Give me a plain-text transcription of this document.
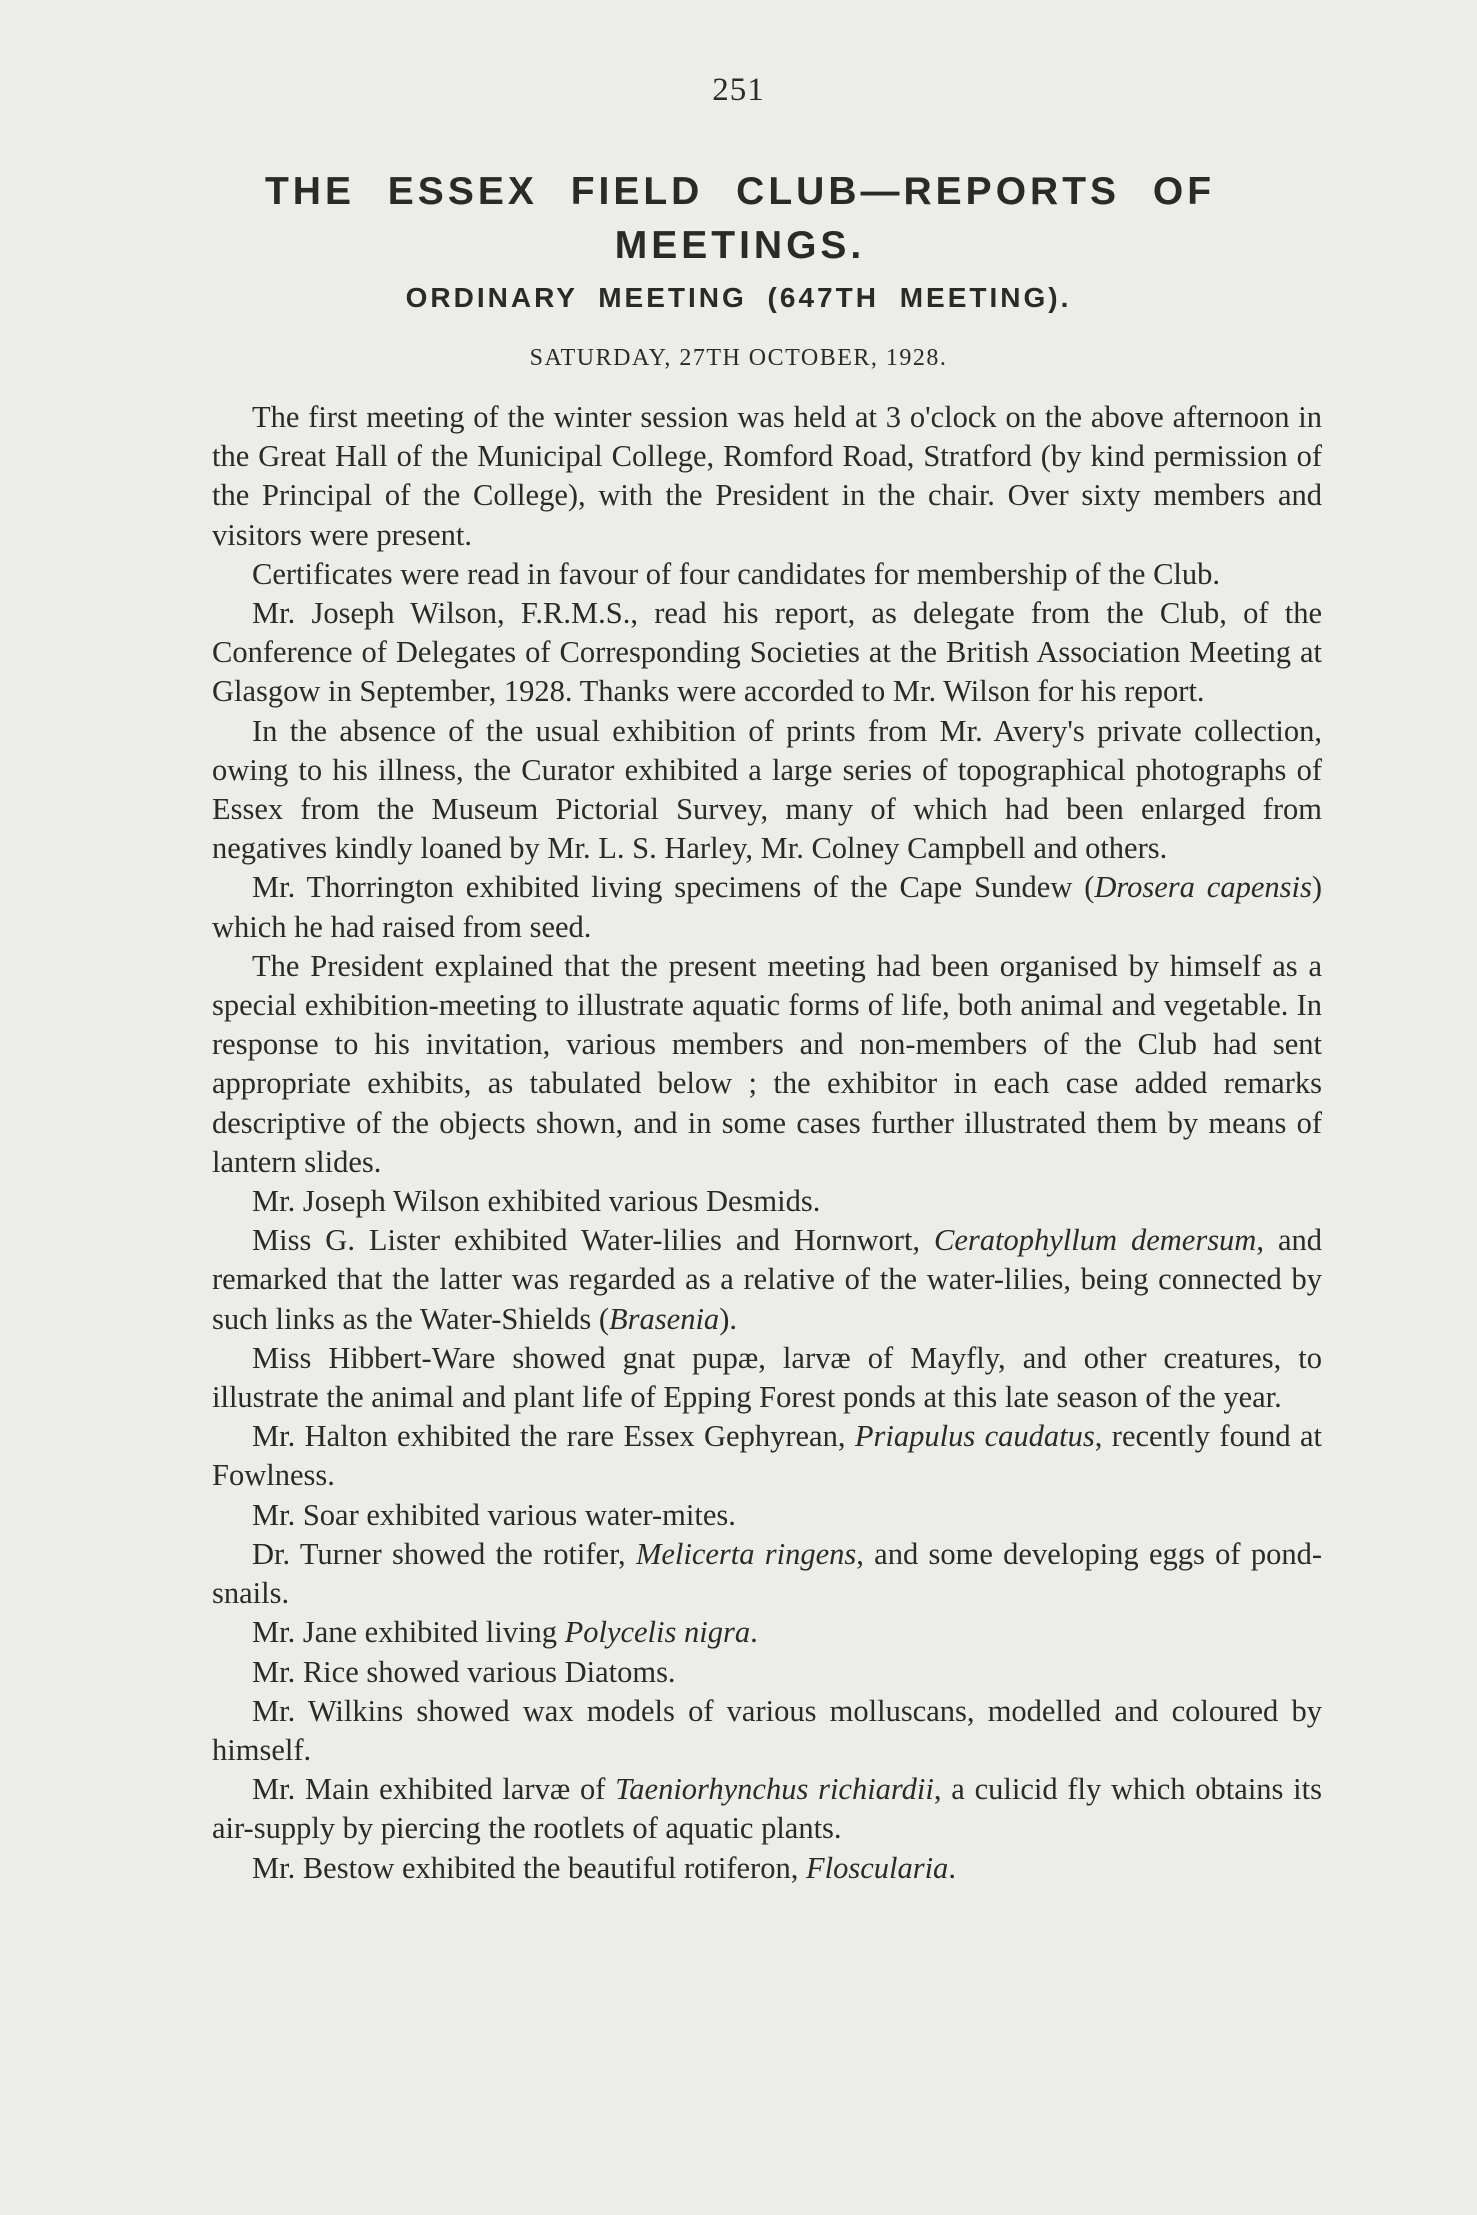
251
THE ESSEX FIELD CLUB—REPORTS OF MEETINGS.
ORDINARY MEETING (647TH MEETING).
SATURDAY, 27TH OCTOBER, 1928.

The first meeting of the winter session was held at 3 o'clock on the above afternoon in the Great Hall of the Municipal College, Romford Road, Stratford (by kind permission of the Principal of the College), with the President in the chair. Over sixty members and visitors were present.

Certificates were read in favour of four candidates for membership of the Club.

Mr. Joseph Wilson, F.R.M.S., read his report, as delegate from the Club, of the Conference of Delegates of Corresponding Societies at the British Association Meeting at Glasgow in September, 1928. Thanks were accorded to Mr. Wilson for his report.

In the absence of the usual exhibition of prints from Mr. Avery's private collection, owing to his illness, the Curator exhibited a large series of topographical photographs of Essex from the Museum Pictorial Survey, many of which had been enlarged from negatives kindly loaned by Mr. L. S. Harley, Mr. Colney Campbell and others.

Mr. Thorrington exhibited living specimens of the Cape Sundew (Drosera capensis) which he had raised from seed.

The President explained that the present meeting had been organised by himself as a special exhibition-meeting to illustrate aquatic forms of life, both animal and vegetable. In response to his invitation, various members and non-members of the Club had sent appropriate exhibits, as tabulated below ; the exhibitor in each case added remarks descriptive of the objects shown, and in some cases further illustrated them by means of lantern slides.

Mr. Joseph Wilson exhibited various Desmids.

Miss G. Lister exhibited Water-lilies and Hornwort, Ceratophyllum demersum, and remarked that the latter was regarded as a relative of the water-lilies, being connected by such links as the Water-Shields (Brasenia).

Miss Hibbert-Ware showed gnat pupæ, larvæ of Mayfly, and other creatures, to illustrate the animal and plant life of Epping Forest ponds at this late season of the year.

Mr. Halton exhibited the rare Essex Gephyrean, Priapulus caudatus, recently found at Fowlness.

Mr. Soar exhibited various water-mites.

Dr. Turner showed the rotifer, Melicerta ringens, and some developing eggs of pond-snails.

Mr. Jane exhibited living Polycelis nigra.

Mr. Rice showed various Diatoms.

Mr. Wilkins showed wax models of various molluscans, modelled and coloured by himself.

Mr. Main exhibited larvæ of Taeniorhynchus richiardii, a culicid fly which obtains its air-supply by piercing the rootlets of aquatic plants.

Mr. Bestow exhibited the beautiful rotiferon, Floscularia.
